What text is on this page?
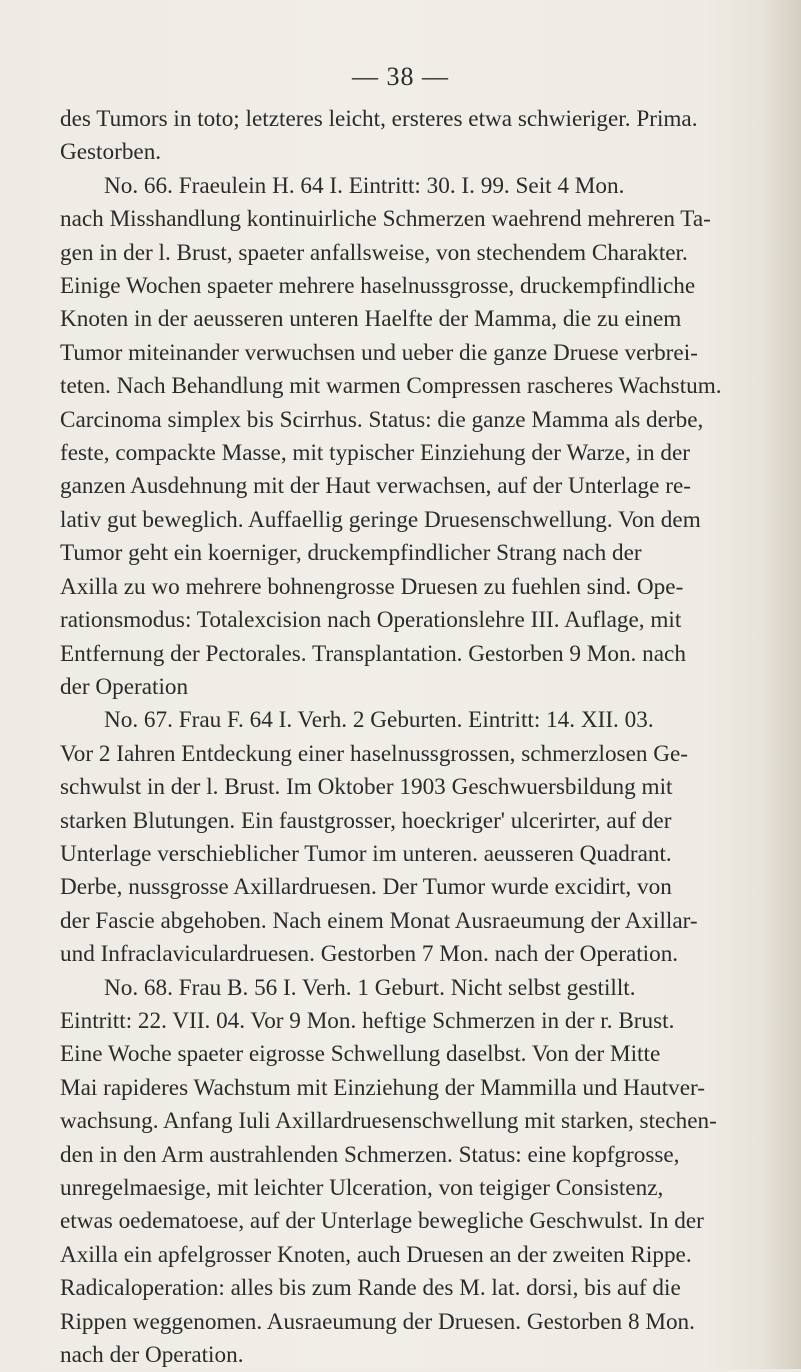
— 38 —
des Tumors in toto; letzteres leicht, ersteres etwa schwieriger. Prima.
Gestorben.
No. 66. Fraeulein H. 64 I. Eintritt: 30. I. 99. Seit 4 Mon.
nach Misshandlung kontinuirliche Schmerzen waehrend mehreren Ta-
gen in der l. Brust, spaeter anfallsweise, von stechendem Charakter.
Einige Wochen spaeter mehrere haselnussgrosse, druckempfindliche
Knoten in der aeusseren unteren Haelfte der Mamma, die zu einem
Tumor miteinander verwuchsen und ueber die ganze Druese verbrei-
teten. Nach Behandlung mit warmen Compressen rascheres Wachstum.
Carcinoma simplex bis Scirrhus. Status: die ganze Mamma als derbe,
feste, compackte Masse, mit typischer Einziehung der Warze, in der
ganzen Ausdehnung mit der Haut verwachsen, auf der Unterlage re-
lativ gut beweglich. Auffaellig geringe Druesenschwellung. Von dem
Tumor geht ein koerniger, druckempfindlicher Strang nach der
Axilla zu wo mehrere bohnengrosse Druesen zu fuehlen sind. Ope-
rationsmodus: Totalexcision nach Operationslehre III. Auflage, mit
Entfernung der Pectorales. Transplantation. Gestorben 9 Mon. nach
der Operation
No. 67. Frau F. 64 I. Verh. 2 Geburten. Eintritt: 14. XII. 03.
Vor 2 Iahren Entdeckung einer haselnussgrossen, schmerzlosen Ge-
schwulst in der l. Brust. Im Oktober 1903 Geschwuersbildung mit
starken Blutungen. Ein faustgrosser, hoeckriger' ulcerirter, auf der
Unterlage verschieblicher Tumor im unteren. aeusseren Quadrant.
Derbe, nussgrosse Axillardruesen. Der Tumor wurde excidirt, von
der Fascie abgehoben. Nach einem Monat Ausraeumung der Axillar-
und Infraclaviculardruesen. Gestorben 7 Mon. nach der Operation.
No. 68. Frau B. 56 I. Verh. 1 Geburt. Nicht selbst gestillt.
Eintritt: 22. VII. 04. Vor 9 Mon. heftige Schmerzen in der r. Brust.
Eine Woche spaeter eigrosse Schwellung daselbst. Von der Mitte
Mai rapideres Wachstum mit Einziehung der Mammilla und Hautver-
wachsung. Anfang Iuli Axillardruesenschwellung mit starken, stechen-
den in den Arm austrahlenden Schmerzen. Status: eine kopfgrosse,
unregelmaesige, mit leichter Ulceration, von teigiger Consistenz,
etwas oedematoese, auf der Unterlage bewegliche Geschwulst. In der
Axilla ein apfelgrosser Knoten, auch Druesen an der zweiten Rippe.
Radicaloperation: alles bis zum Rande des M. lat. dorsi, bis auf die
Rippen weggenomen. Ausraeumung der Druesen. Gestorben 8 Mon.
nach der Operation.
